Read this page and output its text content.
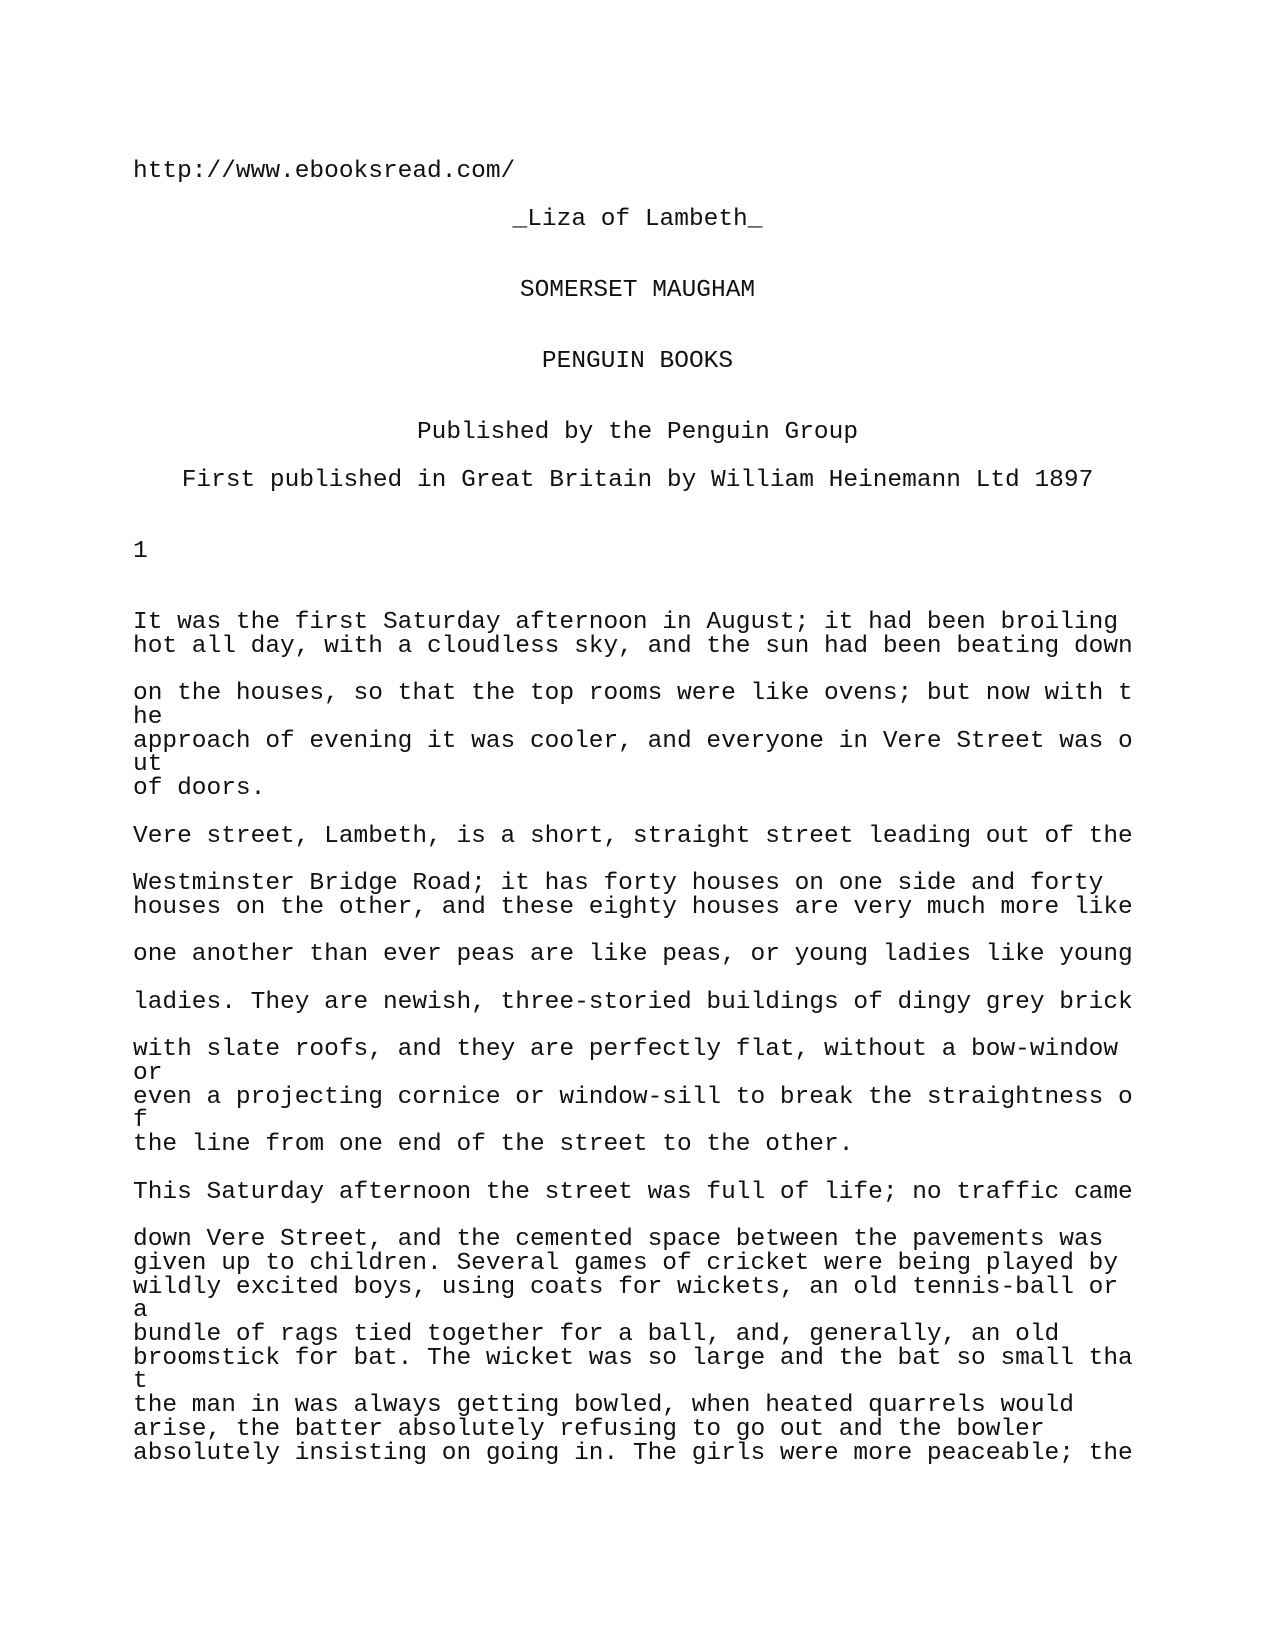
http://www.ebooksread.com/

_Liza of Lambeth_

SOMERSET MAUGHAM

PENGUIN BOOKS

Published by the Penguin Group

First published in Great Britain by William Heinemann Ltd 1897

1

It was the first Saturday afternoon in August; it had been broiling

hot all day, with a cloudless sky, and the sun had been beating down

on the houses, so that the top rooms were like ovens; but now with t

he

approach of evening it was cooler, and everyone in Vere Street was o

ut

of doors.

Vere street, Lambeth, is a short, straight street leading out of the

Westminster Bridge Road; it has forty houses on one side and forty

houses on the other, and these eighty houses are very much more like

one another than ever peas are like peas, or young ladies like young

ladies. They are newish, three-storied buildings of dingy grey brick

with slate roofs, and they are perfectly flat, without a bow-window

or

even a projecting cornice or window-sill to break the straightness o

f

the line from one end of the street to the other.

This Saturday afternoon the street was full of life; no traffic came

down Vere Street, and the cemented space between the pavements was

given up to children. Several games of cricket were being played by

wildly excited boys, using coats for wickets, an old tennis-ball or

a

bundle of rags tied together for a ball, and, generally, an old

broomstick for bat. The wicket was so large and the bat so small tha

t

the man in was always getting bowled, when heated quarrels would

arise, the batter absolutely refusing to go out and the bowler

absolutely insisting on going in. The girls were more peaceable; the
